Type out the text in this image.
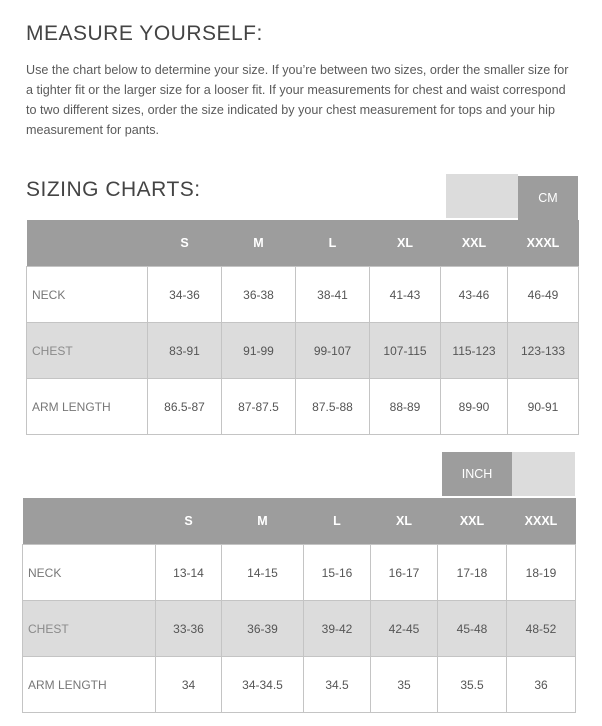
MEASURE YOURSELF:
Use the chart below to determine your size. If you’re between two sizes, order the smaller size for a tighter fit or the larger size for a looser fit. If your measurements for chest and waist correspond to two different sizes, order the size indicated by your chest measurement for tops and your hip measurement for pants.
SIZING CHARTS:	CM
	S	M	L	XL	XXL	XXXL
NECK	34-36	36-38	38-41	41-43	43-46	46-49
CHEST	83-91	91-99	99-107	107-115	115-123	123-133
ARM LENGTH	86.5-87	87-87.5	87.5-88	88-89	89-90	90-91
INCH
	S	M	L	XL	XXL	XXXL
NECK	13-14	14-15	15-16	16-17	17-18	18-19
CHEST	33-36	36-39	39-42	42-45	45-48	48-52
ARM LENGTH	34	34-34.5	34.5	35	35.5	36
